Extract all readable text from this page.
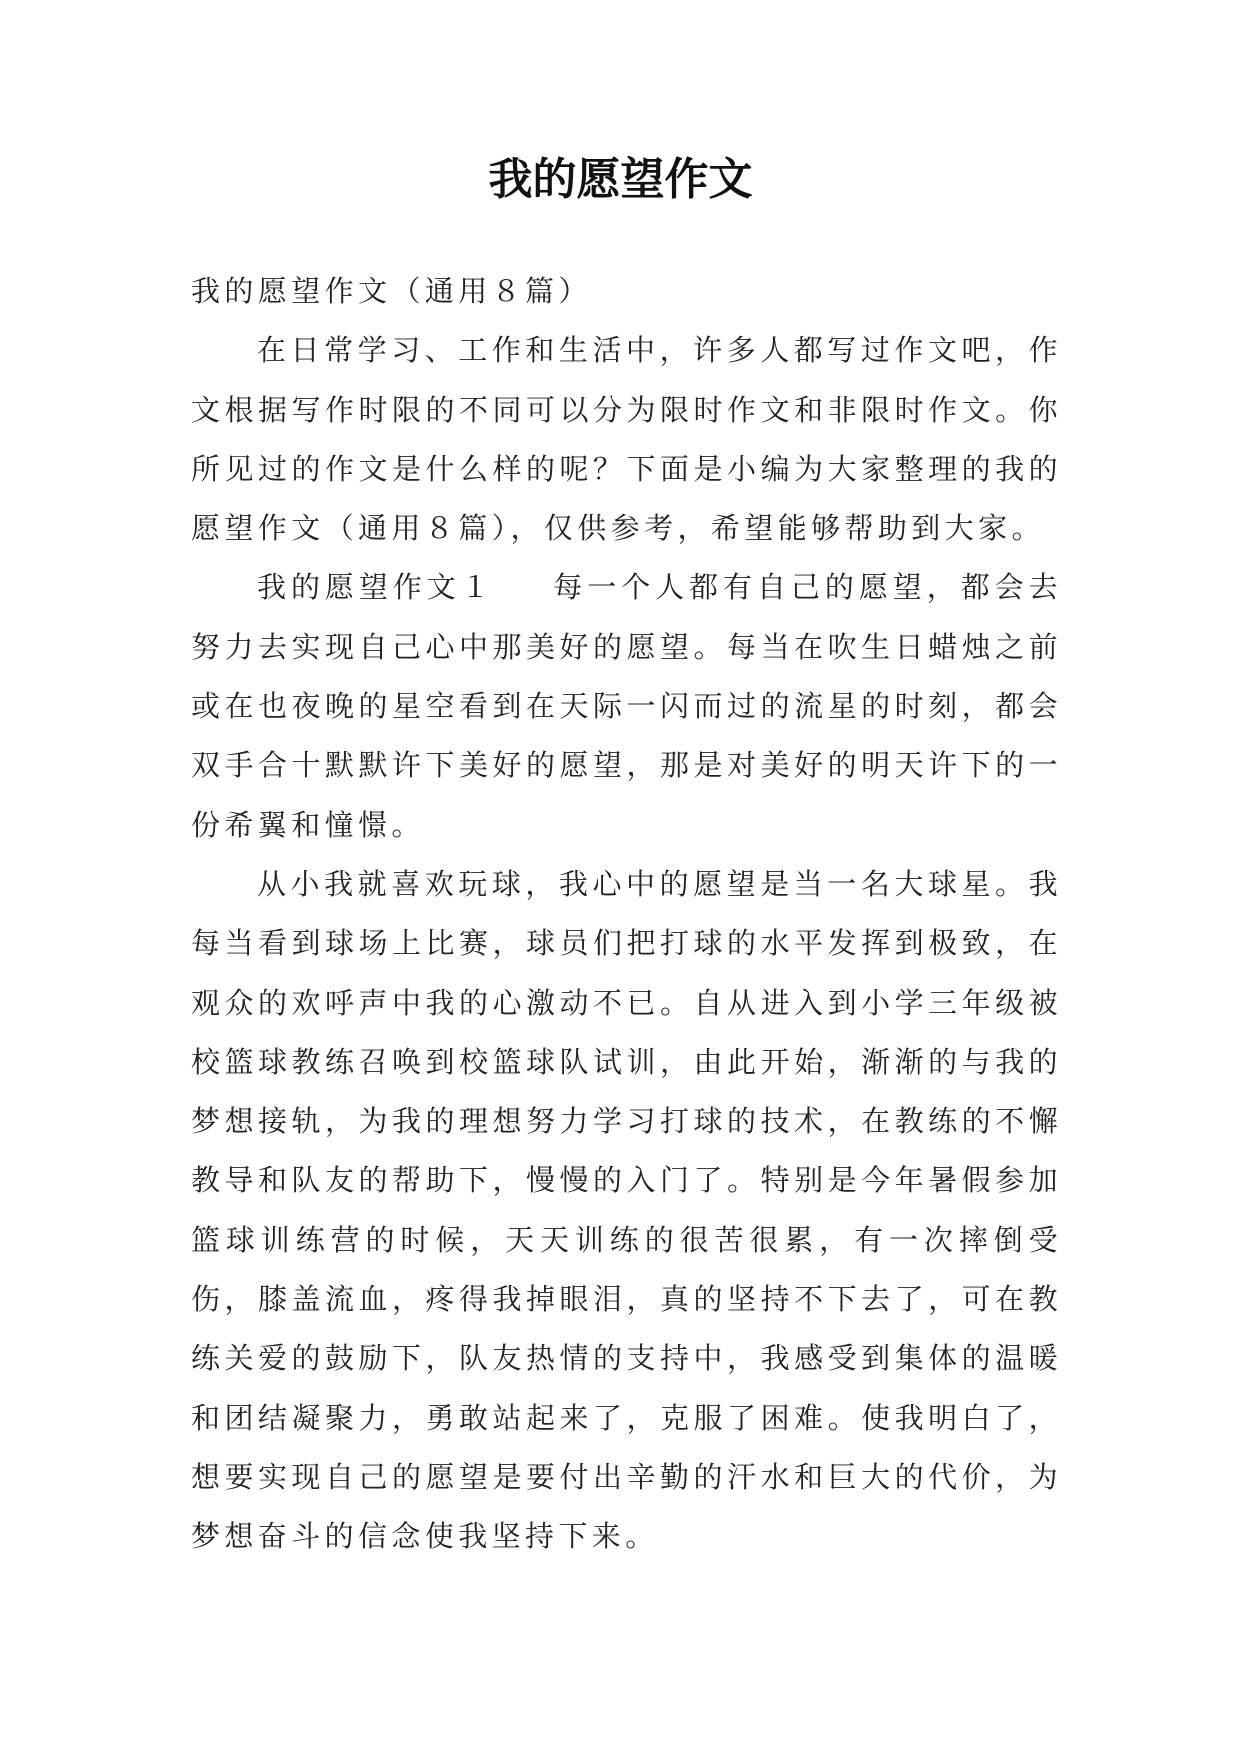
我的愿望作文

我的愿望作文（通用８篇）

在日常学习、工作和生活中，许多人都写过作文吧，作文根据写作时限的不同可以分为限时作文和非限时作文。你所见过的作文是什么样的呢？下面是小编为大家整理的我的愿望作文（通用８篇），仅供参考，希望能够帮助到大家。

我的愿望作文１ 每一个人都有自己的愿望，都会去努力去实现自己心中那美好的愿望。每当在吹生日蜡烛之前或在也夜晚的星空看到在天际一闪而过的流星的时刻，都会双手合十默默许下美好的愿望，那是对美好的明天许下的一份希翼和憧憬。

从小我就喜欢玩球，我心中的愿望是当一名大球星。我每当看到球场上比赛，球员们把打球的水平发挥到极致，在观众的欢呼声中我的心激动不已。自从进入到小学三年级被校篮球教练召唤到校篮球队试训，由此开始，渐渐的与我的梦想接轨，为我的理想努力学习打球的技术，在教练的不懈教导和队友的帮助下，慢慢的入门了。特别是今年暑假参加篮球训练营的时候，天天训练的很苦很累，有一次摔倒受伤，膝盖流血，疼得我掉眼泪，真的坚持不下去了，可在教练关爱的鼓励下，队友热情的支持中，我感受到集体的温暖和团结凝聚力，勇敢站起来了，克服了困难。使我明白了，想要实现自己的愿望是要付出辛勤的汗水和巨大的代价，为梦想奋斗的信念使我坚持下来。
